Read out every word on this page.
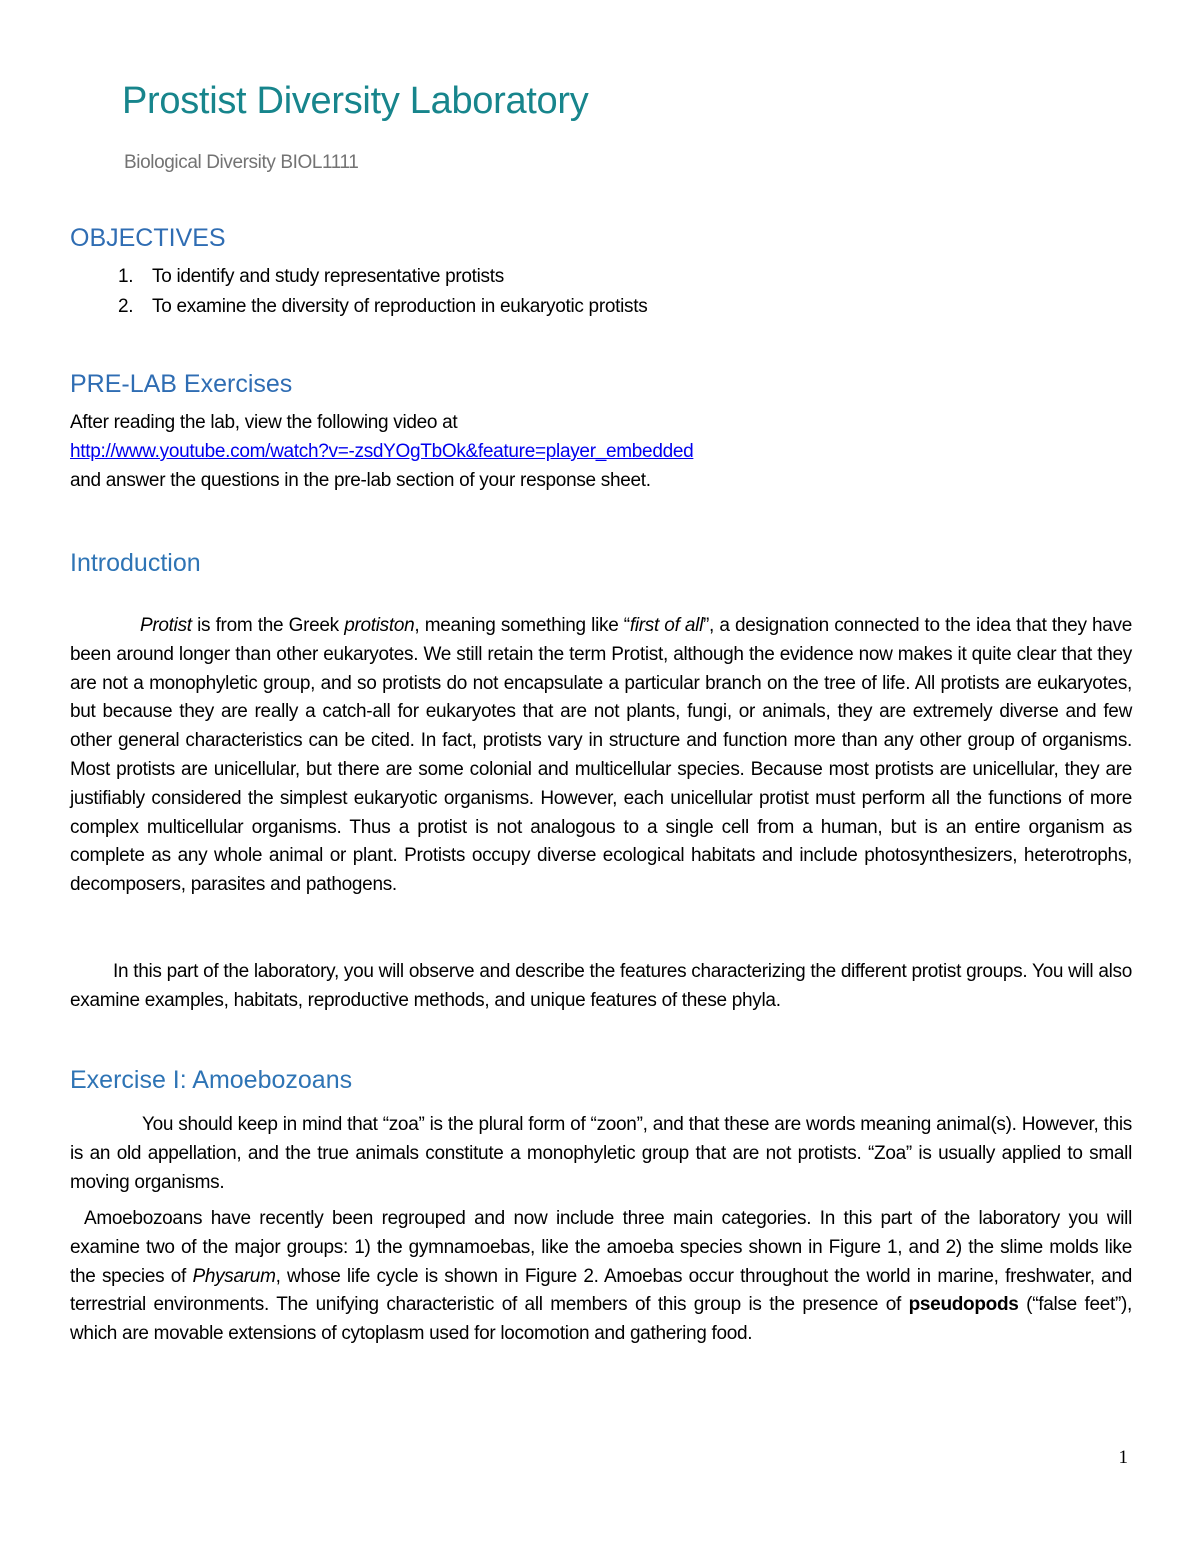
Prostist Diversity Laboratory
Biological Diversity BIOL1111
OBJECTIVES
1. To identify and study representative protists
2. To examine the diversity of reproduction in eukaryotic protists
PRE-LAB Exercises
After reading the lab, view the following video at
http://www.youtube.com/watch?v=-zsdYOgTbOk&feature=player_embedded
and answer the questions in the pre-lab section of your response sheet.
Introduction

Protist is from the Greek protiston, meaning something like “first of all”, a designation connected to the idea that they have been around longer than other eukaryotes. We still retain the term Protist, although the evidence now makes it quite clear that they are not a monophyletic group, and so protists do not encapsulate a particular branch on the tree of life. All protists are eukaryotes, but because they are really a catch-all for eukaryotes that are not plants, fungi, or animals, they are extremely diverse and few other general characteristics can be cited. In fact, protists vary in structure and function more than any other group of organisms. Most protists are unicellular, but there are some colonial and multicellular species. Because most protists are unicellular, they are justifiably considered the simplest eukaryotic organisms. However, each unicellular protist must perform all the functions of more complex multicellular organisms. Thus a protist is not analogous to a single cell from a human, but is an entire organism as complete as any whole animal or plant. Protists occupy diverse ecological habitats and include photosynthesizers, heterotrophs, decomposers, parasites and pathogens.

In this part of the laboratory, you will observe and describe the features characterizing the different protist groups. You will also examine examples, habitats, reproductive methods, and unique features of these phyla.

Exercise I: Amoebozoans

You should keep in mind that “zoa” is the plural form of “zoon”, and that these are words meaning animal(s). However, this is an old appellation, and the true animals constitute a monophyletic group that are not protists. “Zoa” is usually applied to small moving organisms.

Amoebozoans have recently been regrouped and now include three main categories. In this part of the laboratory you will examine two of the major groups: 1) the gymnamoebas, like the amoeba species shown in Figure 1, and 2) the slime molds like the species of Physarum, whose life cycle is shown in Figure 2. Amoebas occur throughout the world in marine, freshwater, and terrestrial environments. The unifying characteristic of all members of this group is the presence of pseudopods (“false feet”), which are movable extensions of cytoplasm used for locomotion and gathering food.

1
